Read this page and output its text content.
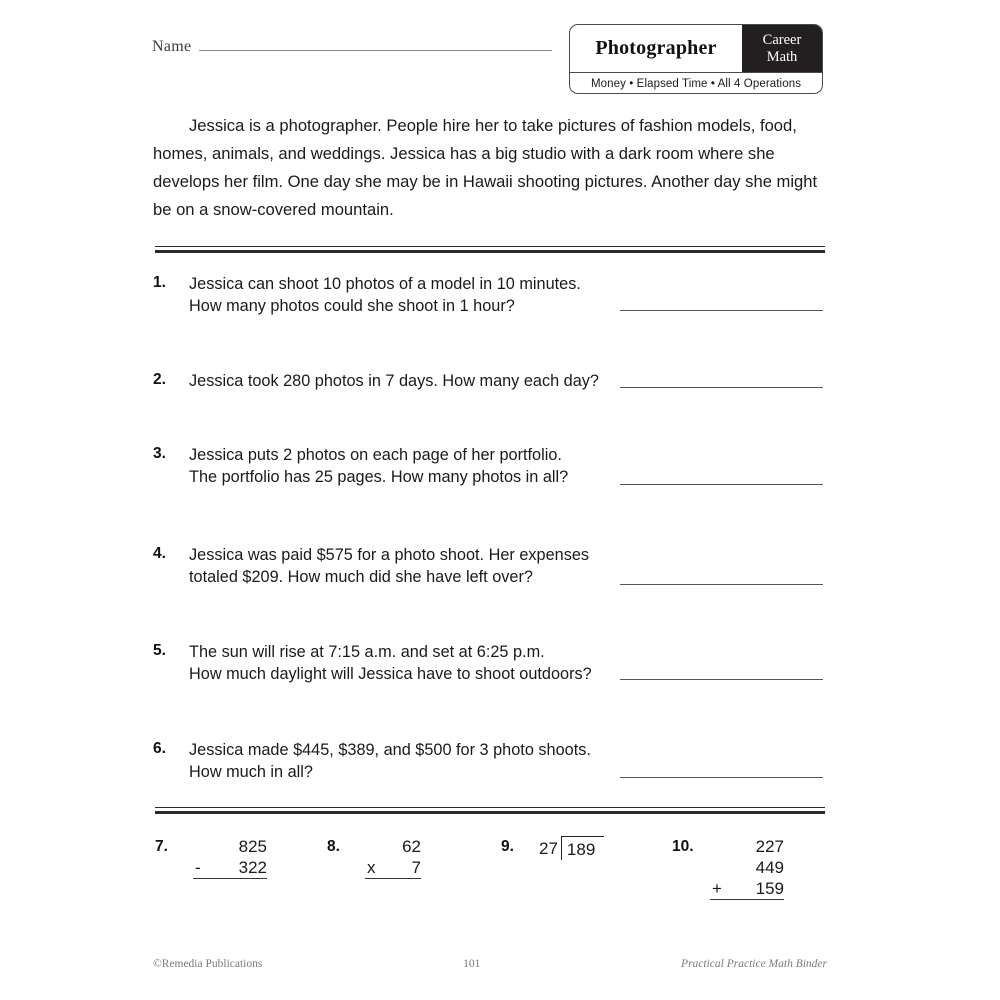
Name	Photographer	Career
Math
Money • Elapsed Time • All 4 Operations
Jessica is a photographer. People hire her to take pictures of fashion models, food, homes, animals, and weddings. Jessica has a big studio with a dark room where she develops her film. One day she may be in Hawaii shooting pictures. Another day she might be on a snow-covered mountain.
1.	Jessica can shoot 10 photos of a model in 10 minutes.
How many photos could she shoot in 1 hour?
2.	Jessica took 280 photos in 7 days. How many each day?
3.	Jessica puts 2 photos on each page of her portfolio.
The portfolio has 25 pages. How many photos in all?
4.	Jessica was paid $575 for a photo shoot. Her expenses
totaled $209. How much did she have left over?
5.	The sun will rise at 7:15 a.m. and set at 6:25 p.m.
How much daylight will Jessica have to shoot outdoors?
6.	Jessica made $445, $389, and $500 for 3 photo shoots.
How much in all?
7.	825
- 322
8.	62
x 7
9. 27 189	10.	227
449
+ 159
©Remedia Publications	101	Practical Practice Math Binder
